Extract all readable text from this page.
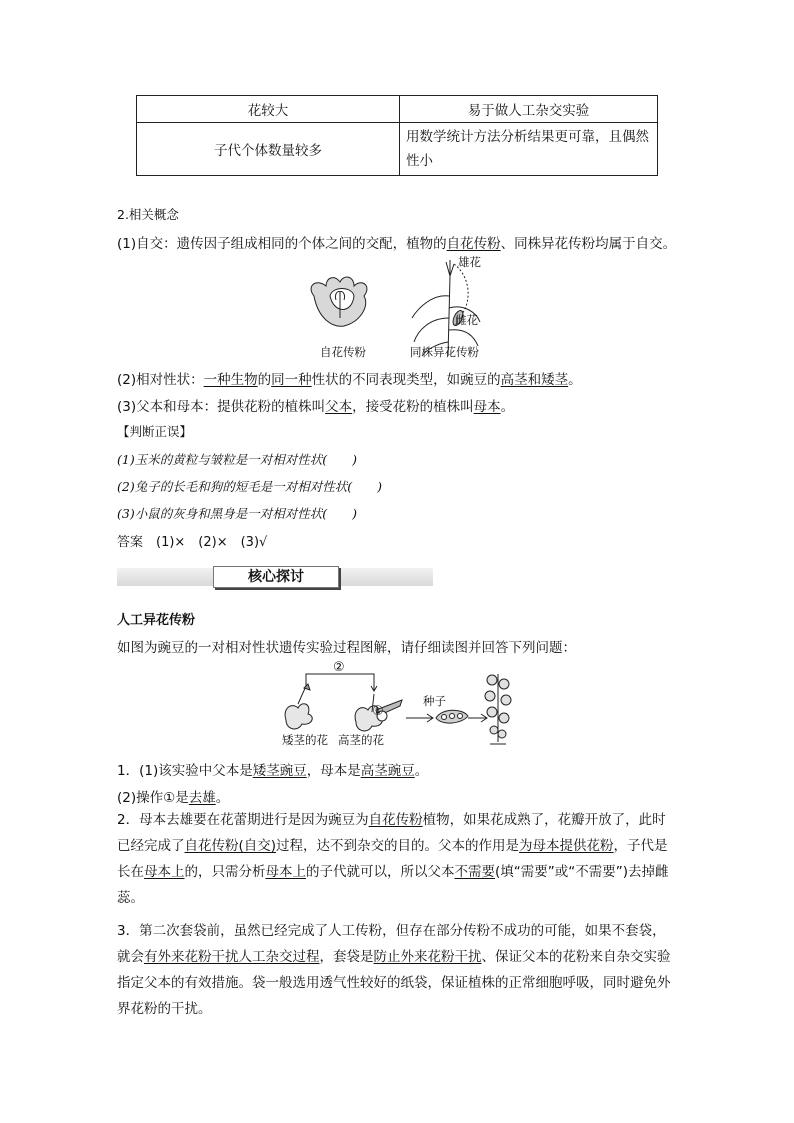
花较大	易于做人工杂交实验
子代个体数量较多	用数学统计方法分析结果更可靠，且偶然性小
2.相关概念
(1)自交：遗传因子组成相同的个体之间的交配，植物的自花传粉、同株异花传粉均属于自交。
雄花
雌花
自花传粉	同株异花传粉
(2)相对性状：一种生物的同一种性状的不同表现类型，如豌豆的高茎和矮茎。
(3)父本和母本：提供花粉的植株叫父本，接受花粉的植株叫母本。
【判断正误】
(1)玉米的黄粒与皱粒是一对相对性状(　　)
(2)兔子的长毛和狗的短毛是一对相对性状(　　)
(3)小鼠的灰身和黑身是一对相对性状(　　)
答案　(1)×　(2)×　(3)√
核心探讨
人工异花传粉
如图为豌豆的一对相对性状遗传实验过程图解，请仔细读图并回答下列问题：
②
①
种子
矮茎的花 高茎的花
1．(1)该实验中父本是矮茎豌豆，母本是高茎豌豆。
(2)操作①是去雄。
2．母本去雄要在花蕾期进行是因为豌豆为自花传粉植物，如果花成熟了，花瓣开放了，此时已经完成了自花传粉(自交)过程，达不到杂交的目的。父本的作用是为母本提供花粉，子代是长在母本上的，只需分析母本上的子代就可以，所以父本不需要(填“需要”或“不需要”)去掉雌蕊。
3．第二次套袋前，虽然已经完成了人工传粉，但存在部分传粉不成功的可能，如果不套袋，就会有外来花粉干扰人工杂交过程，套袋是防止外来花粉干扰、保证父本的花粉来自杂交实验指定父本的有效措施。袋一般选用透气性较好的纸袋，保证植株的正常细胞呼吸，同时避免外界花粉的干扰。
